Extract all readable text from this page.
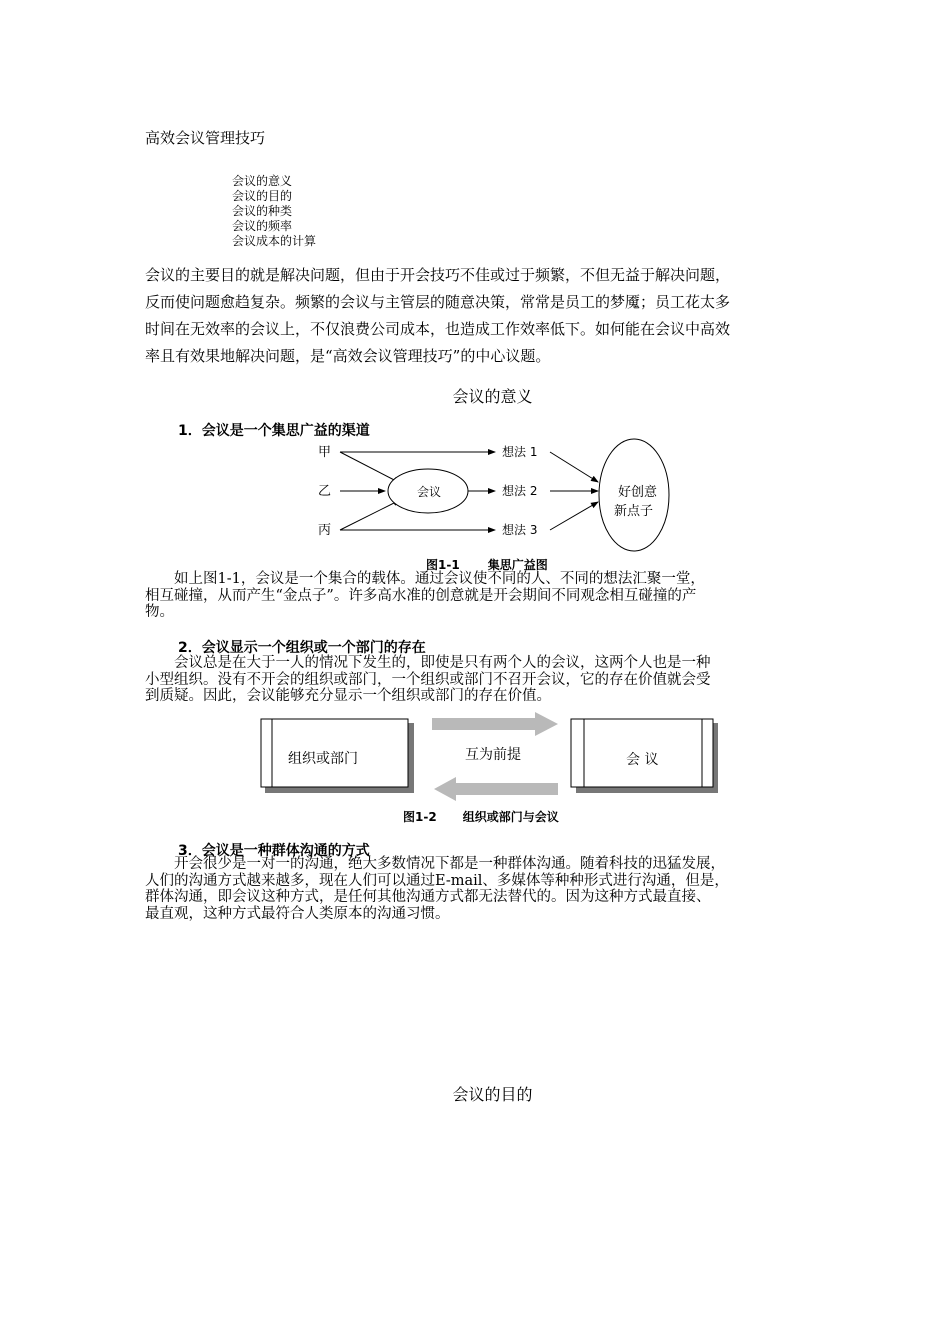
高效会议管理技巧
会议的意义
会议的目的
会议的种类
会议的频率
会议成本的计算
会议的主要目的就是解决问题，但由于开会技巧不佳或过于频繁，不但无益于解决问题，
反而使问题愈趋复杂。频繁的会议与主管层的随意决策，常常是员工的梦魇；员工花太多
时间在无效率的会议上，不仅浪费公司成本，也造成工作效率低下。如何能在会议中高效
率且有效果地解决问题，是“高效会议管理技巧”的中心议题。
会议的意义
1．会议是一个集思广益的渠道
甲
乙
丙
会议
想法 1
想法 2
想法 3
好创意
新点子
图1-1 集思广益图
　　如上图1-1，会议是一个集合的载体。通过会议使不同的人、不同的想法汇聚一堂，
相互碰撞，从而产生“金点子”。许多高水准的创意就是开会期间不同观念相互碰撞的产
物。
2．会议显示一个组织或一个部门的存在
　　会议总是在大于一人的情况下发生的，即使是只有两个人的会议，这两个人也是一种
小型组织。没有不开会的组织或部门，一个组织或部门不召开会议，它的存在价值就会受
到质疑。因此，会议能够充分显示一个组织或部门的存在价值。
组织或部门	互为前提	会 议
图1-2 组织或部门与会议
3．会议是一种群体沟通的方式
　　开会很少是一对一的沟通，绝大多数情况下都是一种群体沟通。随着科技的迅猛发展，
人们的沟通方式越来越多，现在人们可以通过E-mail、多媒体等种种形式进行沟通，但是，
群体沟通，即会议这种方式，是任何其他沟通方式都无法替代的。因为这种方式最直接、
最直观，这种方式最符合人类原本的沟通习惯。
会议的目的
